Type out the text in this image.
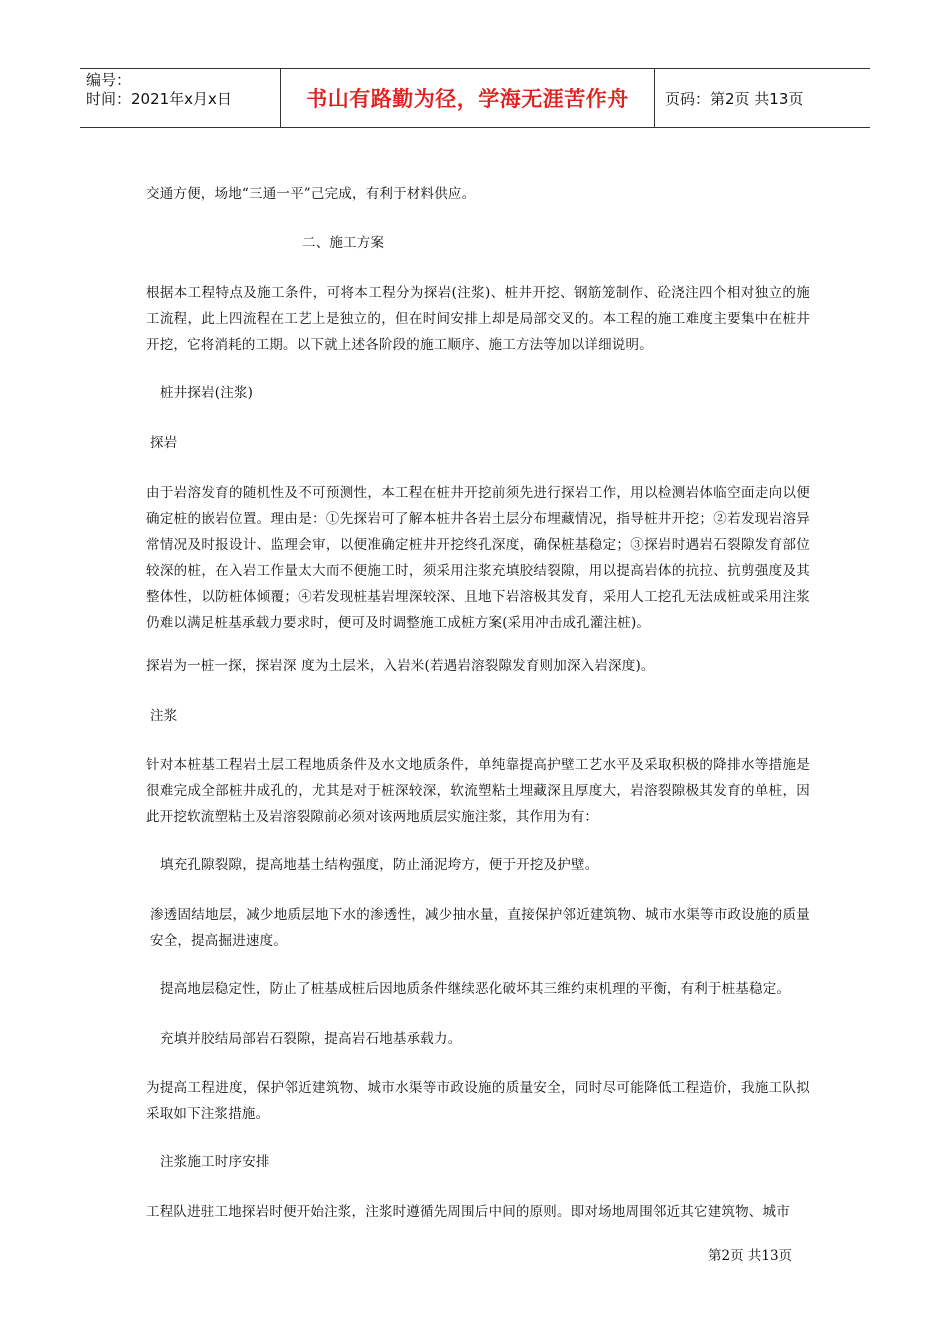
编号：
时间：2021年x月x日	书山有路勤为径，学海无涯苦作舟	页码：第2页 共13页

交通方便，场地“三通一平”己完成，有利于材料供应。

二、施工方案

根据本工程特点及施工条件，可将本工程分为探岩(注浆)、桩井开挖、钢筋笼制作、砼浇注四个相对独立的施工流程，此上四流程在工艺上是独立的，但在时间安排上却是局部交叉的。本工程的施工难度主要集中在桩井开挖，它将消耗的工期。以下就上述各阶段的施工顺序、施工方法等加以详细说明。

桩井探岩(注浆)

探岩

由于岩溶发育的随机性及不可预测性，本工程在桩井开挖前须先进行探岩工作，用以检测岩体临空面走向以便确定桩的嵌岩位置。理由是：①先探岩可了解本桩井各岩土层分布埋藏情况，指导桩井开挖；②若发现岩溶异常情况及时报设计、监理会审，以便准确定桩井开挖终孔深度，确保桩基稳定；③探岩时遇岩石裂隙发育部位较深的桩，在入岩工作量太大而不便施工时，须采用注浆充填胶结裂隙，用以提高岩体的抗拉、抗剪强度及其整体性，以防桩体倾覆；④若发现桩基岩埋深较深、且地下岩溶极其发育，采用人工挖孔无法成桩或采用注浆仍难以满足桩基承载力要求时，便可及时调整施工成桩方案(采用冲击成孔灌注桩)。

探岩为一桩一探，探岩深 度为土层米，入岩米(若遇岩溶裂隙发育则加深入岩深度)。

注浆

针对本桩基工程岩土层工程地质条件及水文地质条件，单纯靠提高护壁工艺水平及采取积极的降排水等措施是很难完成全部桩井成孔的，尤其是对于桩深较深，软流塑粘土埋藏深且厚度大，岩溶裂隙极其发育的单桩，因此开挖软流塑粘土及岩溶裂隙前必须对该两地质层实施注浆，其作用为有：

填充孔隙裂隙，提高地基土结构强度，防止涌泥垮方，便于开挖及护壁。

渗透固结地层，减少地质层地下水的渗透性，减少抽水量，直接保护邻近建筑物、城市水渠等市政设施的质量安全，提高掘进速度。

提高地层稳定性，防止了桩基成桩后因地质条件继续恶化破坏其三维约束机理的平衡，有利于桩基稳定。

充填并胶结局部岩石裂隙，提高岩石地基承载力。

为提高工程进度，保护邻近建筑物、城市水渠等市政设施的质量安全，同时尽可能降低工程造价，我施工队拟采取如下注浆措施。

注浆施工时序安排

工程队进驻工地探岩时便开始注浆，注浆时遵循先周围后中间的原则。即对场地周围邻近其它建筑物、城市

第2页 共13页
